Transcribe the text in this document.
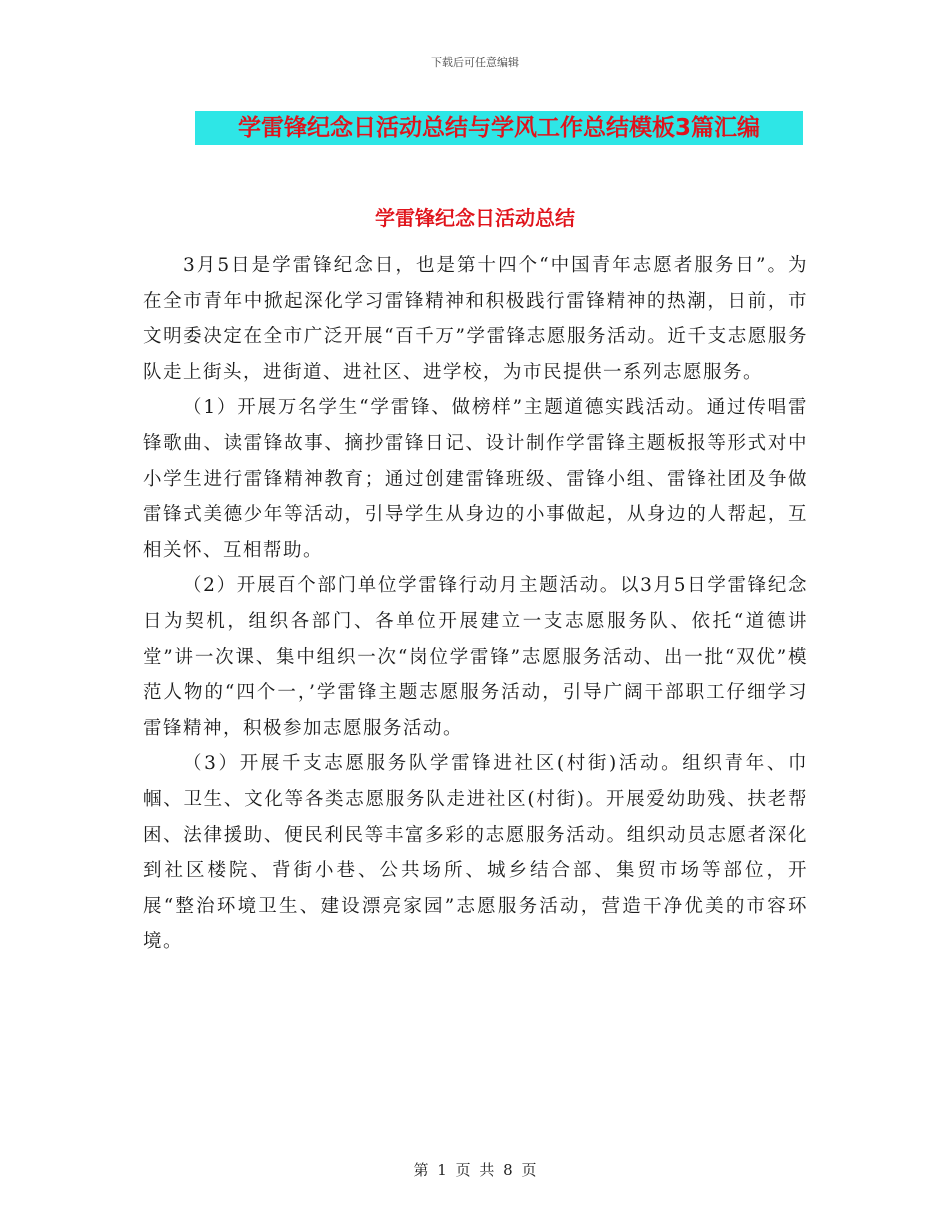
下载后可任意编辑
学雷锋纪念日活动总结与学风工作总结模板3篇汇编
学雷锋纪念日活动总结

3月5日是学雷锋纪念日，也是第十四个“中国青年志愿者服务日”。为在全市青年中掀起深化学习雷锋精神和积极践行雷锋精神的热潮，日前，市文明委决定在全市广泛开展“百千万”学雷锋志愿服务活动。近千支志愿服务队走上街头，进街道、进社区、进学校，为市民提供一系列志愿服务。

（1）开展万名学生“学雷锋、做榜样”主题道德实践活动。通过传唱雷锋歌曲、读雷锋故事、摘抄雷锋日记、设计制作学雷锋主题板报等形式对中小学生进行雷锋精神教育；通过创建雷锋班级、雷锋小组、雷锋社团及争做雷锋式美德少年等活动，引导学生从身边的小事做起，从身边的人帮起，互相关怀、互相帮助。

（2）开展百个部门单位学雷锋行动月主题活动。以3月5日学雷锋纪念日为契机，组织各部门、各单位开展建立一支志愿服务队、依托“道德讲堂”讲一次课、集中组织一次“岗位学雷锋”志愿服务活动、出一批“双优”模范人物的“四个一，’学雷锋主题志愿服务活动，引导广阔干部职工仔细学习雷锋精神，积极参加志愿服务活动。

（3）开展千支志愿服务队学雷锋进社区(村街)活动。组织青年、巾帼、卫生、文化等各类志愿服务队走进社区(村街)。开展爱幼助残、扶老帮困、法律援助、便民利民等丰富多彩的志愿服务活动。组织动员志愿者深化到社区楼院、背街小巷、公共场所、城乡结合部、集贸市场等部位，开展“整治环境卫生、建设漂亮家园”志愿服务活动，营造干净优美的市容环境。

第 1 页 共 8 页
